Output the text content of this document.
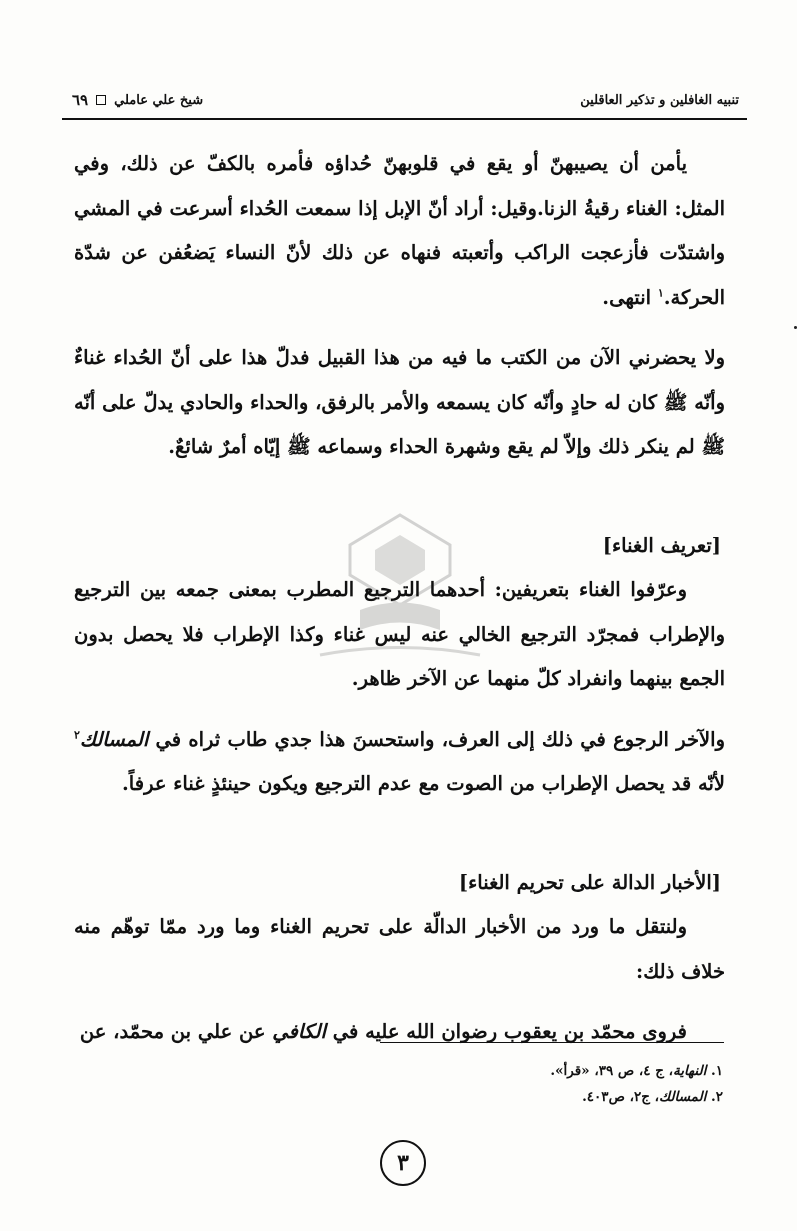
تنبيه الغافلين و تذكير العاقلين
شيخ علي عاملي
٦٩

يأمن أن يصيبهنّ أو يقع في قلوبهنّ حُداؤه فأمره بالكفّ عن ذلك، وفي المثل: الغناء رقيةُ الزنا.وقيل: أراد أنّ الإبل إذا سمعت الحُداء أسرعت في المشي واشتدّت فأزعجت الراكب وأتعبته فنهاه عن ذلك لأنّ النساء يَضعُفن عن شدّة الحركة.$^١$ انتهى.

ولا يحضرني الآن من الكتب ما فيه من هذا القبيل فدلّ هذا على أنّ الحُداء غناءٌ وأنّه ﷺ كان له حادٍ وأنّه كان يسمعه والأمر بالرفق، والحداء والحادي يدلّ على أنّه ﷺ لم ينكر ذلك وإلاّ لم يقع وشهرة الحداء وسماعه ﷺ إيّاه أمرٌ شائعٌ.

[تعريف الغناء]

وعرّفوا الغناء بتعريفين: أحدهما الترجيع المطرب بمعنى جمعه بين الترجيع والإطراب فمجرّد الترجيع الخالي عنه ليس غناء وكذا الإطراب فلا يحصل بدون الجمع بينهما وانفراد كلّ منهما عن الآخر ظاهر.

والآخر الرجوع في ذلك إلى العرف، واستحسنَ هذا جدي طاب ثراه في المسالك$^٢$ لأنّه قد يحصل الإطراب من الصوت مع عدم الترجيع ويكون حينئذٍ غناء عرفاً.

[الأخبار الدالة على تحريم الغناء]

ولنتقل ما ورد من الأخبار الدالّة على تحريم الغناء وما ورد ممّا توهّم منه خلاف ذلك:

فروى محمّد بن يعقوب رضوان الله عليه في الكافي عن علي بن محمّد، عن

١. النهاية، ج ٤، ص ٣٩، «قرأ».
٢. المسالك، ج٢، ص٤٠٣.
٣
